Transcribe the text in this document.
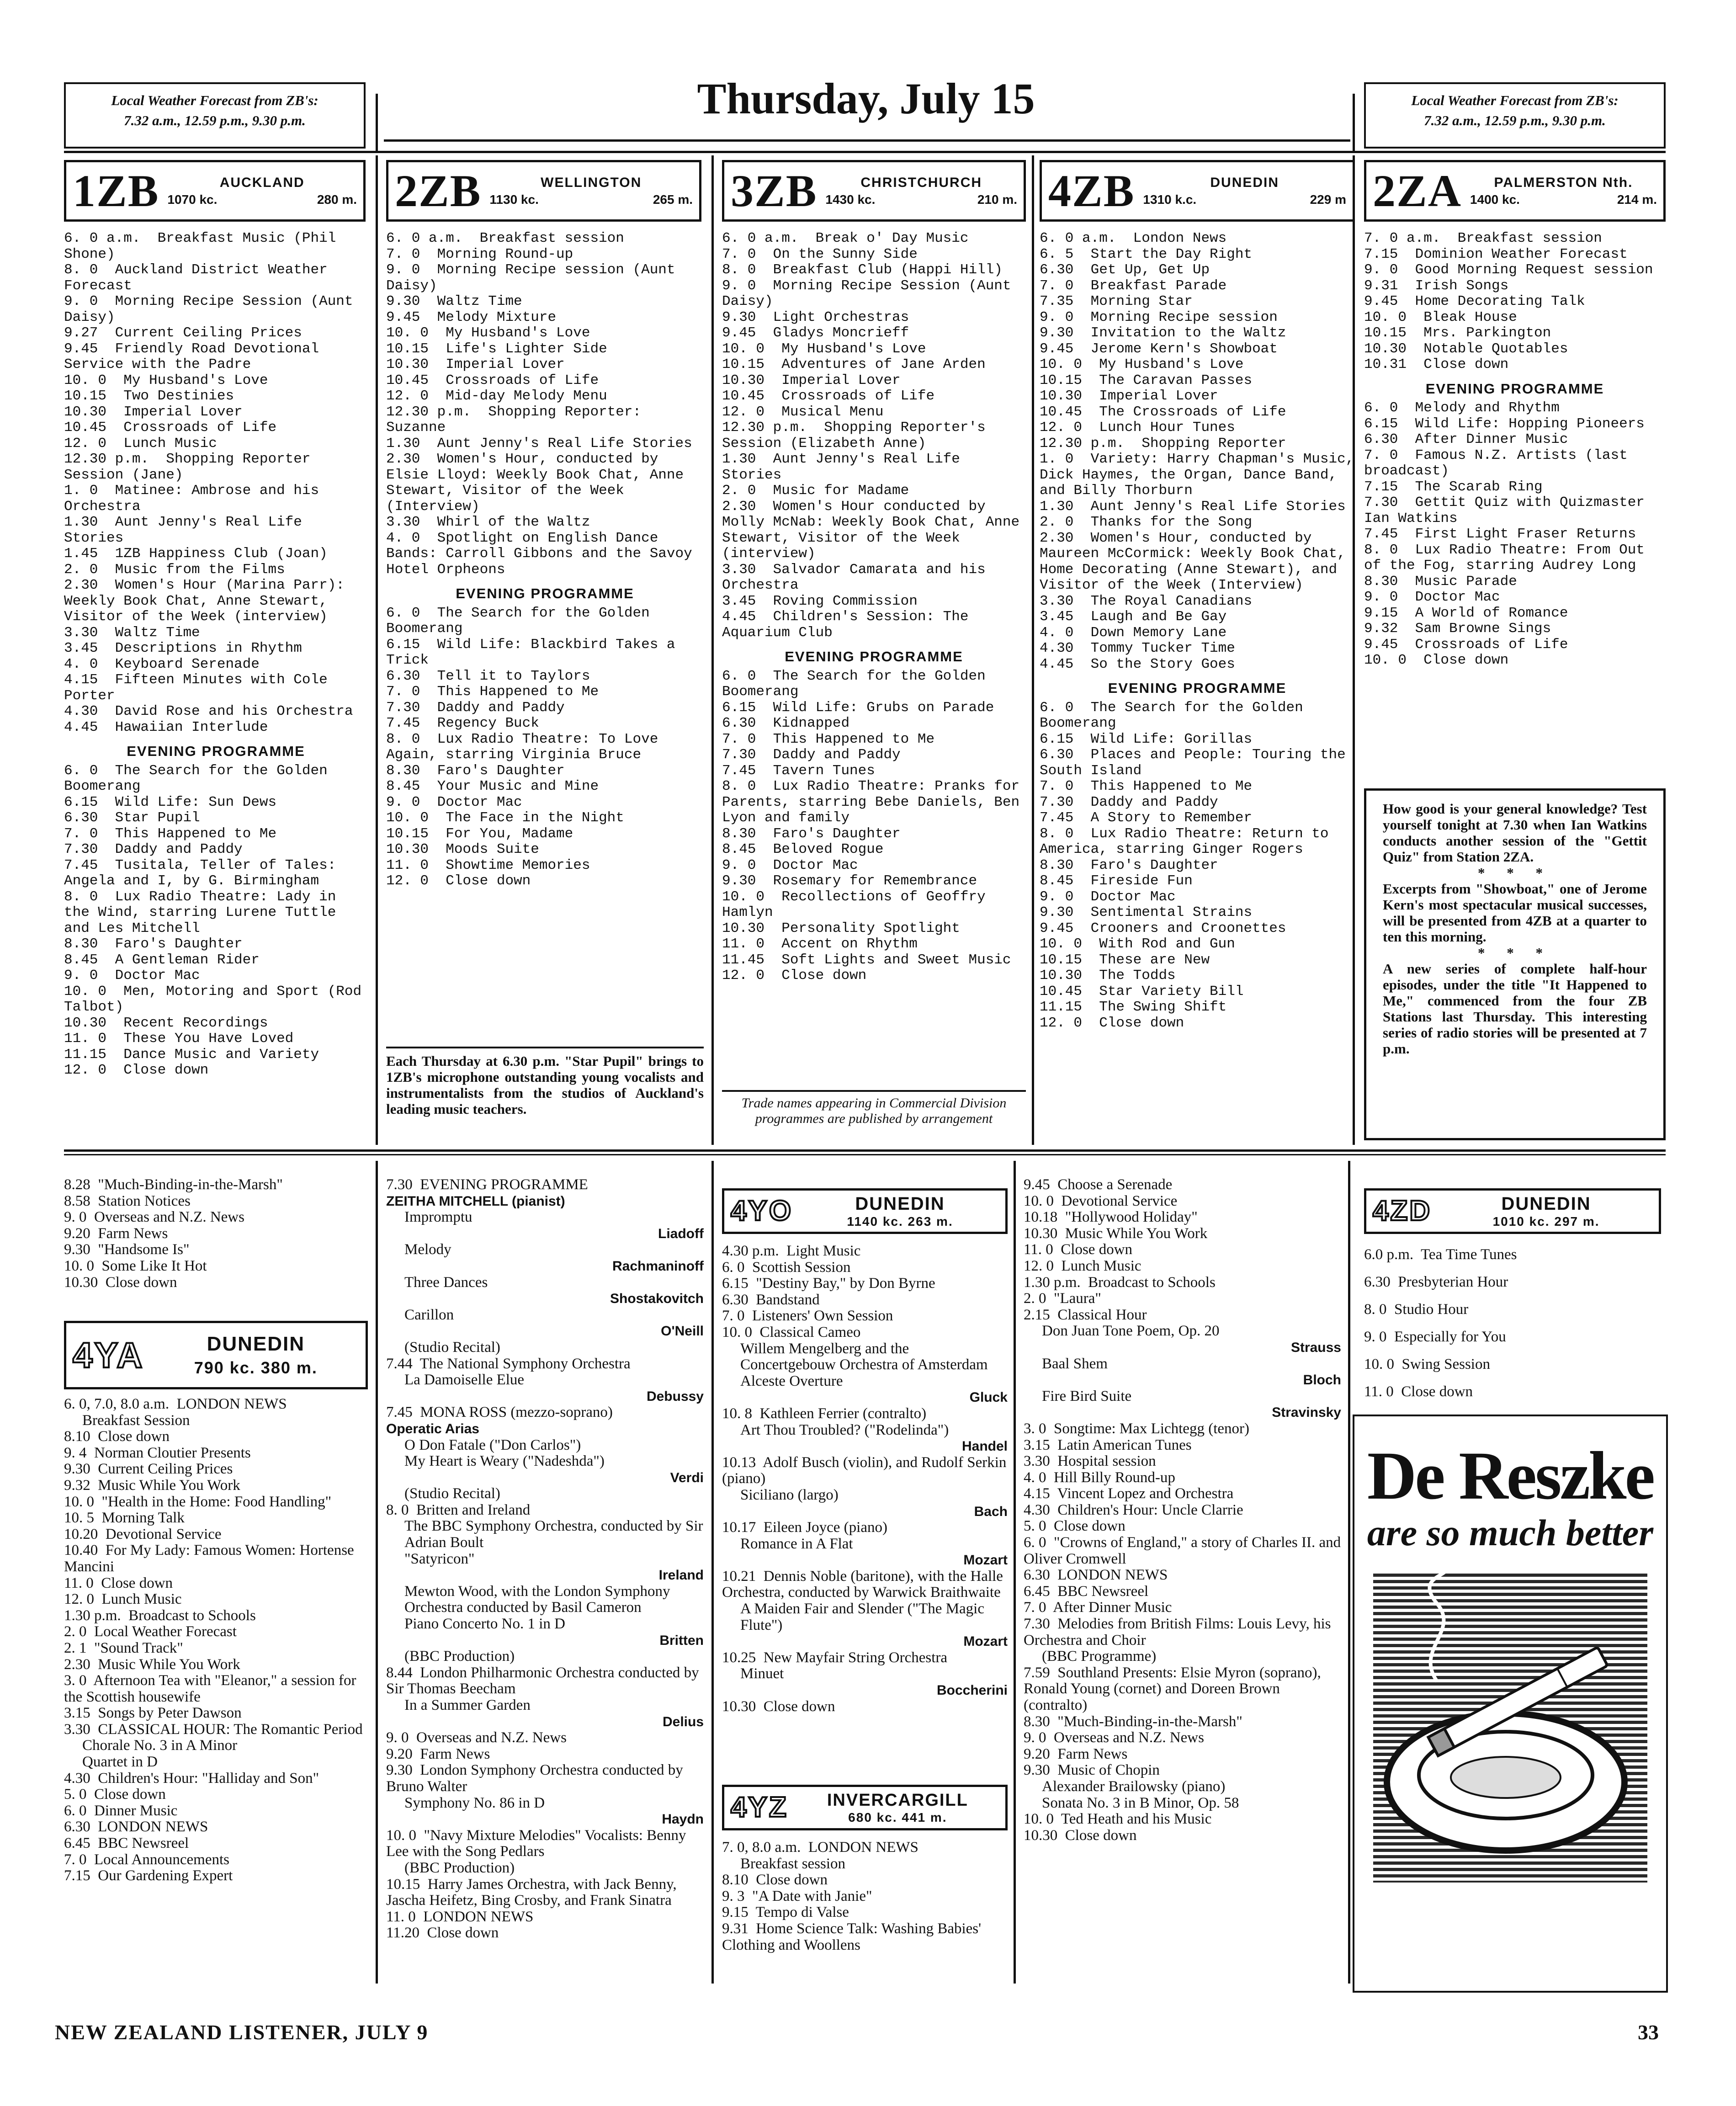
Local Weather Forecast from ZB's:
7.32 a.m., 12.59 p.m., 9.30 p.m.	Thursday, July 15	Local Weather Forecast from ZB's:
7.32 a.m., 12.59 p.m., 9.30 p.m.
1ZB	AUCKLAND
1070 kc.	280 m. 2ZB	WELLINGTON
1130 kc.	265 m. 3ZB	CHRISTCHURCH
1430 kc.	210 m. 4ZB	DUNEDIN
1310 k.c.	229 m 2ZA	PALMERSTON Nth.
1400 kc.	214 m.
6. 0 a.m.  Breakfast Music (Phil Shone)
8. 0  Auckland District Weather Forecast
9. 0  Morning Recipe Session (Aunt Daisy)
9.27  Current Ceiling Prices
9.45  Friendly Road Devotional Service with the Padre
10. 0  My Husband's Love
10.15  Two Destinies
10.30  Imperial Lover
10.45  Crossroads of Life
12. 0  Lunch Music
12.30 p.m.  Shopping Reporter Session (Jane)
1. 0  Matinee: Ambrose and his Orchestra
1.30  Aunt Jenny's Real Life Stories
1.45  1ZB Happiness Club (Joan)
2. 0  Music from the Films
2.30  Women's Hour (Marina Parr): Weekly Book Chat, Anne Stewart, Visitor of the Week (interview)
3.30  Waltz Time
3.45  Descriptions in Rhythm
4. 0  Keyboard Serenade
4.15  Fifteen Minutes with Cole Porter
4.30  David Rose and his Orchestra
4.45  Hawaiian Interlude
EVENING PROGRAMME
6. 0  The Search for the Golden Boomerang
6.15  Wild Life: Sun Dews
6.30  Star Pupil
7. 0  This Happened to Me
7.30  Daddy and Paddy
7.45  Tusitala, Teller of Tales: Angela and I, by G. Birmingham
8. 0  Lux Radio Theatre: Lady in the Wind, starring Lurene Tuttle and Les Mitchell
8.30  Faro's Daughter
8.45  A Gentleman Rider
9. 0  Doctor Mac
10. 0  Men, Motoring and Sport (Rod Talbot)
10.30  Recent Recordings
11. 0  These You Have Loved
11.15  Dance Music and Variety
12. 0  Close down
6. 0 a.m.  Breakfast session
7. 0  Morning Round-up
9. 0  Morning Recipe session (Aunt Daisy)
9.30  Waltz Time
9.45  Melody Mixture
10. 0  My Husband's Love
10.15  Life's Lighter Side
10.30  Imperial Lover
10.45  Crossroads of Life
12. 0  Mid-day Melody Menu
12.30 p.m.  Shopping Reporter: Suzanne
1.30  Aunt Jenny's Real Life Stories
2.30  Women's Hour, conducted by Elsie Lloyd: Weekly Book Chat, Anne Stewart, Visitor of the Week (Interview)
3.30  Whirl of the Waltz
4. 0  Spotlight on English Dance Bands: Carroll Gibbons and the Savoy Hotel Orpheons
EVENING PROGRAMME
6. 0  The Search for the Golden Boomerang
6.15  Wild Life: Blackbird Takes a Trick
6.30  Tell it to Taylors
7. 0  This Happened to Me
7.30  Daddy and Paddy
7.45  Regency Buck
8. 0  Lux Radio Theatre: To Love Again, starring Virginia Bruce
8.30  Faro's Daughter
8.45  Your Music and Mine
9. 0  Doctor Mac
10. 0  The Face in the Night
10.15  For You, Madame
10.30  Moods Suite
11. 0  Showtime Memories
12. 0  Close down
Each Thursday at 6.30 p.m. "Star Pupil" brings to 1ZB's microphone outstanding young vocalists and instrumentalists from the studios of Auckland's leading music teachers.
6. 0 a.m.  Break o' Day Music
7. 0  On the Sunny Side
8. 0  Breakfast Club (Happi Hill)
9. 0  Morning Recipe Session (Aunt Daisy)
9.30  Light Orchestras
9.45  Gladys Moncrieff
10. 0  My Husband's Love
10.15  Adventures of Jane Arden
10.30  Imperial Lover
10.45  Crossroads of Life
12. 0  Musical Menu
12.30 p.m.  Shopping Reporter's Session (Elizabeth Anne)
1.30  Aunt Jenny's Real Life Stories
2. 0  Music for Madame
2.30  Women's Hour conducted by Molly McNab: Weekly Book Chat, Anne Stewart, Visitor of the Week (interview)
3.30  Salvador Camarata and his Orchestra
3.45  Roving Commission
4.45  Children's Session: The Aquarium Club
EVENING PROGRAMME
6. 0  The Search for the Golden Boomerang
6.15  Wild Life: Grubs on Parade
6.30  Kidnapped
7. 0  This Happened to Me
7.30  Daddy and Paddy
7.45  Tavern Tunes
8. 0  Lux Radio Theatre: Pranks for Parents, starring Bebe Daniels, Ben Lyon and family
8.30  Faro's Daughter
8.45  Beloved Rogue
9. 0  Doctor Mac
9.30  Rosemary for Remembrance
10. 0  Recollections of Geoffry Hamlyn
10.30  Personality Spotlight
11. 0  Accent on Rhythm
11.45  Soft Lights and Sweet Music
12. 0  Close down
Trade names appearing in Commercial Division programmes are published by arrangement
6. 0 a.m.  London News
6. 5  Start the Day Right
6.30  Get Up, Get Up
7. 0  Breakfast Parade
7.35  Morning Star
9. 0  Morning Recipe session
9.30  Invitation to the Waltz
9.45  Jerome Kern's Showboat
10. 0  My Husband's Love
10.15  The Caravan Passes
10.30  Imperial Lover
10.45  The Crossroads of Life
12. 0  Lunch Hour Tunes
12.30 p.m.  Shopping Reporter
1. 0  Variety: Harry Chapman's Music, Dick Haymes, the Organ, Dance Band, and Billy Thorburn
1.30  Aunt Jenny's Real Life Stories
2. 0  Thanks for the Song
2.30  Women's Hour, conducted by Maureen McCormick: Weekly Book Chat, Home Decorating (Anne Stewart), and Visitor of the Week (Interview)
3.30  The Royal Canadians
3.45  Laugh and Be Gay
4. 0  Down Memory Lane
4.30  Tommy Tucker Time
4.45  So the Story Goes
EVENING PROGRAMME
6. 0  The Search for the Golden Boomerang
6.15  Wild Life: Gorillas
6.30  Places and People: Touring the South Island
7. 0  This Happened to Me
7.30  Daddy and Paddy
7.45  A Story to Remember
8. 0  Lux Radio Theatre: Return to America, starring Ginger Rogers
8.30  Faro's Daughter
8.45  Fireside Fun
9. 0  Doctor Mac
9.30  Sentimental Strains
9.45  Crooners and Croonettes
10. 0  With Rod and Gun
10.15  These are New
10.30  The Todds
10.45  Star Variety Bill
11.15  The Swing Shift
12. 0  Close down
7. 0 a.m.  Breakfast session
7.15  Dominion Weather Forecast
9. 0  Good Morning Request session
9.31  Irish Songs
9.45  Home Decorating Talk
10. 0  Bleak House
10.15  Mrs. Parkington
10.30  Notable Quotables
10.31  Close down
EVENING PROGRAMME
6. 0  Melody and Rhythm
6.15  Wild Life: Hopping Pioneers
6.30  After Dinner Music
7. 0  Famous N.Z. Artists (last broadcast)
7.15  The Scarab Ring
7.30  Gettit Quiz with Quizmaster Ian Watkins
7.45  First Light Fraser Returns
8. 0  Lux Radio Theatre: From Out of the Fog, starring Audrey Long
8.30  Music Parade
9. 0  Doctor Mac
9.15  A World of Romance
9.32  Sam Browne Sings
9.45  Crossroads of Life
10. 0  Close down
How good is your general knowledge? Test yourself tonight at 7.30 when Ian Watkins conducts another session of the "Gettit Quiz" from Station 2ZA.
* * *
Excerpts from "Showboat," one of Jerome Kern's most spectacular musical successes, will be presented from 4ZB at a quarter to ten this morning.
* * *
A new series of complete half-hour episodes, under the title "It Happened to Me," commenced from the four ZB Stations last Thursday. This interesting series of radio stories will be presented at 7 p.m.
8.28  "Much-Binding-in-the-Marsh"
8.58  Station Notices
9. 0  Overseas and N.Z. News
9.20  Farm News
9.30  "Handsome Is"
10. 0  Some Like It Hot
10.30  Close down
4YA	DUNEDIN
790 kc. 380 m.
6. 0, 7.0, 8.0 a.m.  LONDON NEWS
Breakfast Session
8.10  Close down
9. 4  Norman Cloutier Presents
9.30  Current Ceiling Prices
9.32  Music While You Work
10. 0  "Health in the Home: Food Handling"
10. 5  Morning Talk
10.20  Devotional Service
10.40  For My Lady: Famous Women: Hortense Mancini
11. 0  Close down
12. 0  Lunch Music
1.30 p.m.  Broadcast to Schools
2. 0  Local Weather Forecast
2. 1  "Sound Track"
2.30  Music While You Work
3. 0  Afternoon Tea with "Eleanor," a session for the Scottish housewife
3.15  Songs by Peter Dawson
3.30  CLASSICAL HOUR: The Romantic Period
Chorale No. 3 in A Minor
Quartet in D
4.30  Children's Hour: "Halliday and Son"
5. 0  Close down
6. 0  Dinner Music
6.30  LONDON NEWS
6.45  BBC Newsreel
7. 0  Local Announcements
7.15  Our Gardening Expert
7.30  EVENING PROGRAMME
ZEITHA MITCHELL (pianist)
Impromptu
Liadoff
Melody
Rachmaninoff
Three Dances
Shostakovitch
Carillon
O'Neill
(Studio Recital)
7.44  The National Symphony Orchestra
La Damoiselle Elue
Debussy
7.45  MONA ROSS (mezzo-soprano)
Operatic Arias
O Don Fatale ("Don Carlos")
My Heart is Weary ("Nadeshda")
Verdi
(Studio Recital)
8. 0  Britten and Ireland
The BBC Symphony Orchestra, conducted by Sir Adrian Boult
"Satyricon"
Ireland
Mewton Wood, with the London Symphony Orchestra conducted by Basil Cameron
Piano Concerto No. 1 in D
Britten
(BBC Production)
8.44  London Philharmonic Orchestra conducted by Sir Thomas Beecham
In a Summer Garden
Delius
9. 0  Overseas and N.Z. News
9.20  Farm News
9.30  London Symphony Orchestra conducted by Bruno Walter
Symphony No. 86 in D
Haydn
10. 0  "Navy Mixture Melodies" Vocalists: Benny Lee with the Song Pedlars
(BBC Production)
10.15  Harry James Orchestra, with Jack Benny, Jascha Heifetz, Bing Crosby, and Frank Sinatra
11. 0  LONDON NEWS
11.20  Close down
4YO	DUNEDIN
1140 kc. 263 m.
4.30 p.m.  Light Music
6. 0  Scottish Session
6.15  "Destiny Bay," by Don Byrne
6.30  Bandstand
7. 0  Listeners' Own Session
10. 0  Classical Cameo
Willem Mengelberg and the Concertgebouw Orchestra of Amsterdam
Alceste Overture
Gluck
10. 8  Kathleen Ferrier (contralto)
Art Thou Troubled? ("Rodelinda")
Handel
10.13  Adolf Busch (violin), and Rudolf Serkin (piano)
Siciliano (largo)
Bach
10.17  Eileen Joyce (piano)
Romance in A Flat
Mozart
10.21  Dennis Noble (baritone), with the Halle Orchestra, conducted by Warwick Braithwaite
A Maiden Fair and Slender ("The Magic Flute")
Mozart
10.25  New Mayfair String Orchestra
Minuet
Boccherini
10.30  Close down
4YZ	INVERCARGILL
680 kc. 441 m.
7. 0, 8.0 a.m.  LONDON NEWS
Breakfast session
8.10  Close down
9. 3  "A Date with Janie"
9.15  Tempo di Valse
9.31  Home Science Talk: Washing Babies' Clothing and Woollens
9.45  Choose a Serenade
10. 0  Devotional Service
10.18  "Hollywood Holiday"
10.30  Music While You Work
11. 0  Close down
12. 0  Lunch Music
1.30 p.m.  Broadcast to Schools
2. 0  "Laura"
2.15  Classical Hour
Don Juan Tone Poem, Op. 20
Strauss
Baal Shem
Bloch
Fire Bird Suite
Stravinsky
3. 0  Songtime: Max Lichtegg (tenor)
3.15  Latin American Tunes
3.30  Hospital session
4. 0  Hill Billy Round-up
4.15  Vincent Lopez and Orchestra
4.30  Children's Hour: Uncle Clarrie
5. 0  Close down
6. 0  "Crowns of England," a story of Charles II. and Oliver Cromwell
6.30  LONDON NEWS
6.45  BBC Newsreel
7. 0  After Dinner Music
7.30  Melodies from British Films: Louis Levy, his Orchestra and Choir
(BBC Programme)
7.59  Southland Presents: Elsie Myron (soprano), Ronald Young (cornet) and Doreen Brown (contralto)
8.30  "Much-Binding-in-the-Marsh"
9. 0  Overseas and N.Z. News
9.20  Farm News
9.30  Music of Chopin
Alexander Brailowsky (piano)
Sonata No. 3 in B Minor, Op. 58
10. 0  Ted Heath and his Music
10.30  Close down
4ZD	DUNEDIN
1010 kc. 297 m.
6.0 p.m.  Tea Time Tunes
6.30  Presbyterian Hour
8. 0  Studio Hour
9. 0  Especially for You
10. 0  Swing Session
11. 0  Close down
De Reszke
are so much better
NEW ZEALAND LISTENER, JULY 9	33
